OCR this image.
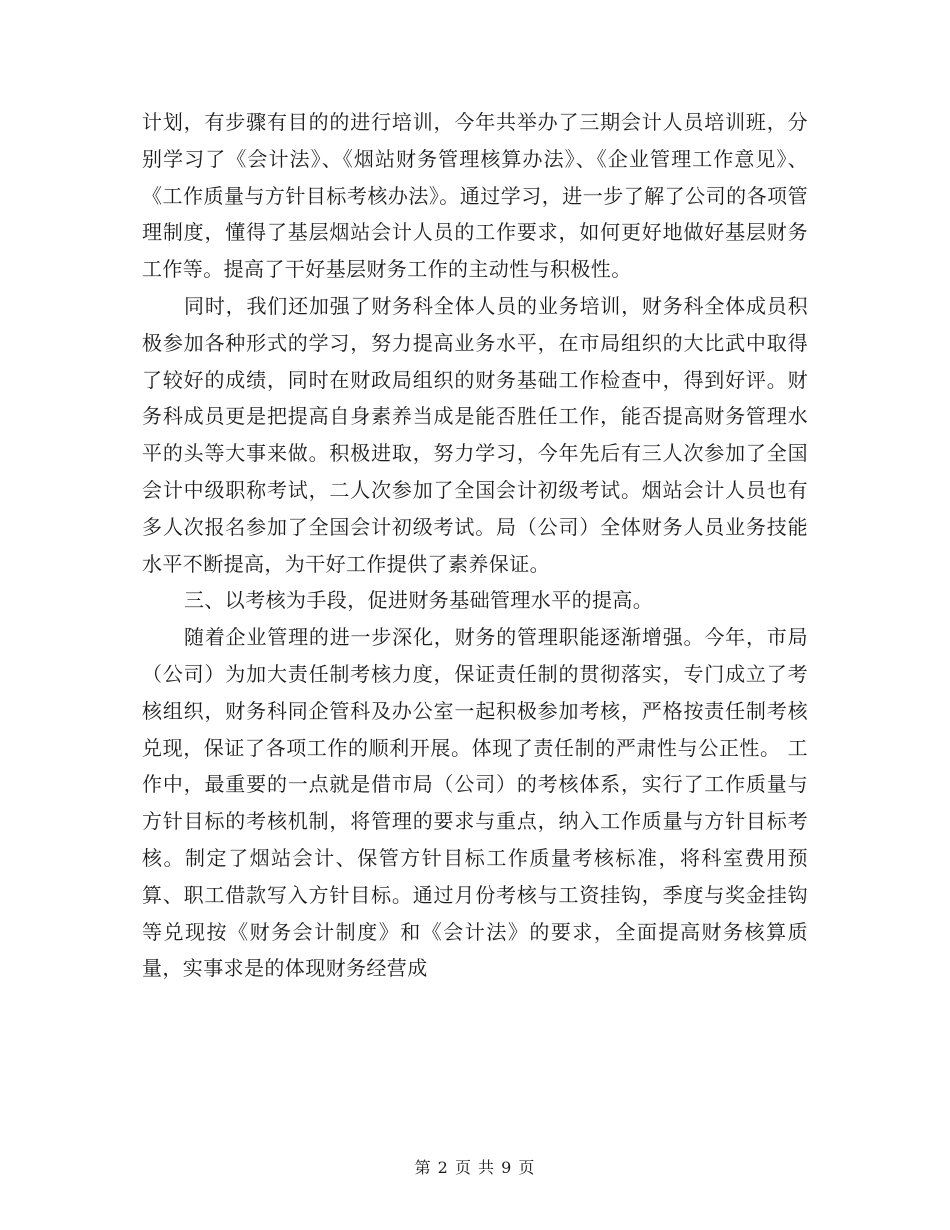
计划，有步骤有目的的进行培训，今年共举办了三期会计人员培训班，分别学习了《会计法》、《烟站财务管理核算办法》、《企业管理工作意见》、《工作质量与方针目标考核办法》。通过学习，进一步了解了公司的各项管理制度，懂得了基层烟站会计人员的工作要求，如何更好地做好基层财务工作等。提高了干好基层财务工作的主动性与积极性。

同时，我们还加强了财务科全体人员的业务培训，财务科全体成员积极参加各种形式的学习，努力提高业务水平，在市局组织的大比武中取得了较好的成绩，同时在财政局组织的财务基础工作检查中，得到好评。财务科成员更是把提高自身素养当成是能否胜任工作，能否提高财务管理水平的头等大事来做。积极进取，努力学习，今年先后有三人次参加了全国会计中级职称考试，二人次参加了全国会计初级考试。烟站会计人员也有多人次报名参加了全国会计初级考试。局（公司）全体财务人员业务技能水平不断提高，为干好工作提供了素养保证。

三、以考核为手段，促进财务基础管理水平的提高。

随着企业管理的进一步深化，财务的管理职能逐渐增强。今年，市局（公司）为加大责任制考核力度，保证责任制的贯彻落实，专门成立了考核组织，财务科同企管科及办公室一起积极参加考核，严格按责任制考核兑现，保证了各项工作的顺利开展。体现了责任制的严肃性与公正性。 工作中，最重要的一点就是借市局（公司）的考核体系，实行了工作质量与方针目标的考核机制，将管理的要求与重点，纳入工作质量与方针目标考核。制定了烟站会计、保管方针目标工作质量考核标准，将科室费用预算、职工借款写入方针目标。通过月份考核与工资挂钩，季度与奖金挂钩等兑现按《财务会计制度》和《会计法》的要求，全面提高财务核算质量，实事求是的体现财务经营成

第 2 页 共 9 页
